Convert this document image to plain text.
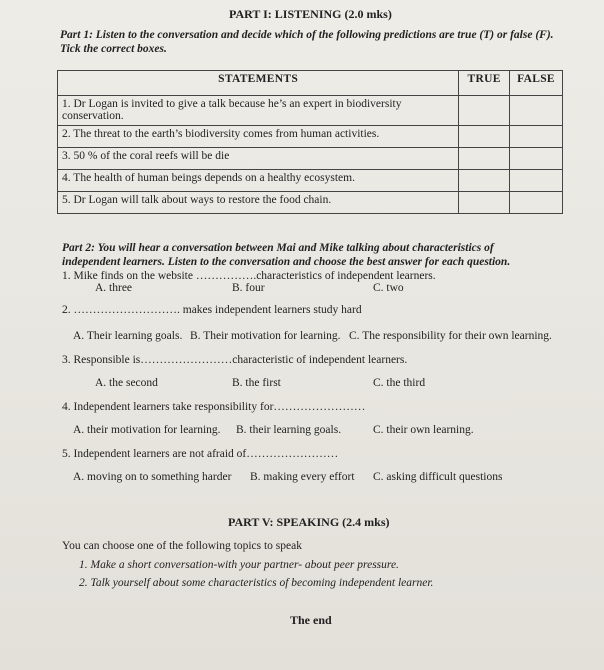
PART I: LISTENING (2.0 mks)
Part 1: Listen to the conversation and decide which of the following predictions are true (T) or false (F).
Tick the correct boxes.
STATEMENTS	TRUE	FALSE

1. Dr Logan is invited to give a talk because he’s an expert in biodiversity
conservation.		

2. The threat to the earth’s biodiversity comes from human activities.		
3. 50 % of the coral reefs will be die		
4. The health of human beings depends on a healthy ecosystem.		
5. Dr Logan will talk about ways to restore the food chain.		
Part 2: You will hear a conversation between Mai and Mike talking about characteristics of
independent learners. Listen to the conversation and choose the best answer for each question.
1. Mike finds on the website …………….characteristics of independent learners.
A. three	B. four	C. two
2. ………………………. makes independent learners study hard
A. Their learning goals. B. Their motivation for learning. C. The responsibility for their own learning.
3. Responsible is……………………characteristic of independent learners.
A. the second	B. the first	C. the third
4. Independent learners take responsibility for……………………
A. their motivation for learning. B. their learning goals.	C. their own learning.
5. Independent learners are not afraid of……………………
A. moving on to something harder B. making every effort C. asking difficult questions
PART V: SPEAKING (2.4 mks)
You can choose one of the following topics to speak
1. Make a short conversation-with your partner- about peer pressure.
2. Talk yourself about some characteristics of becoming independent learner.
The end
